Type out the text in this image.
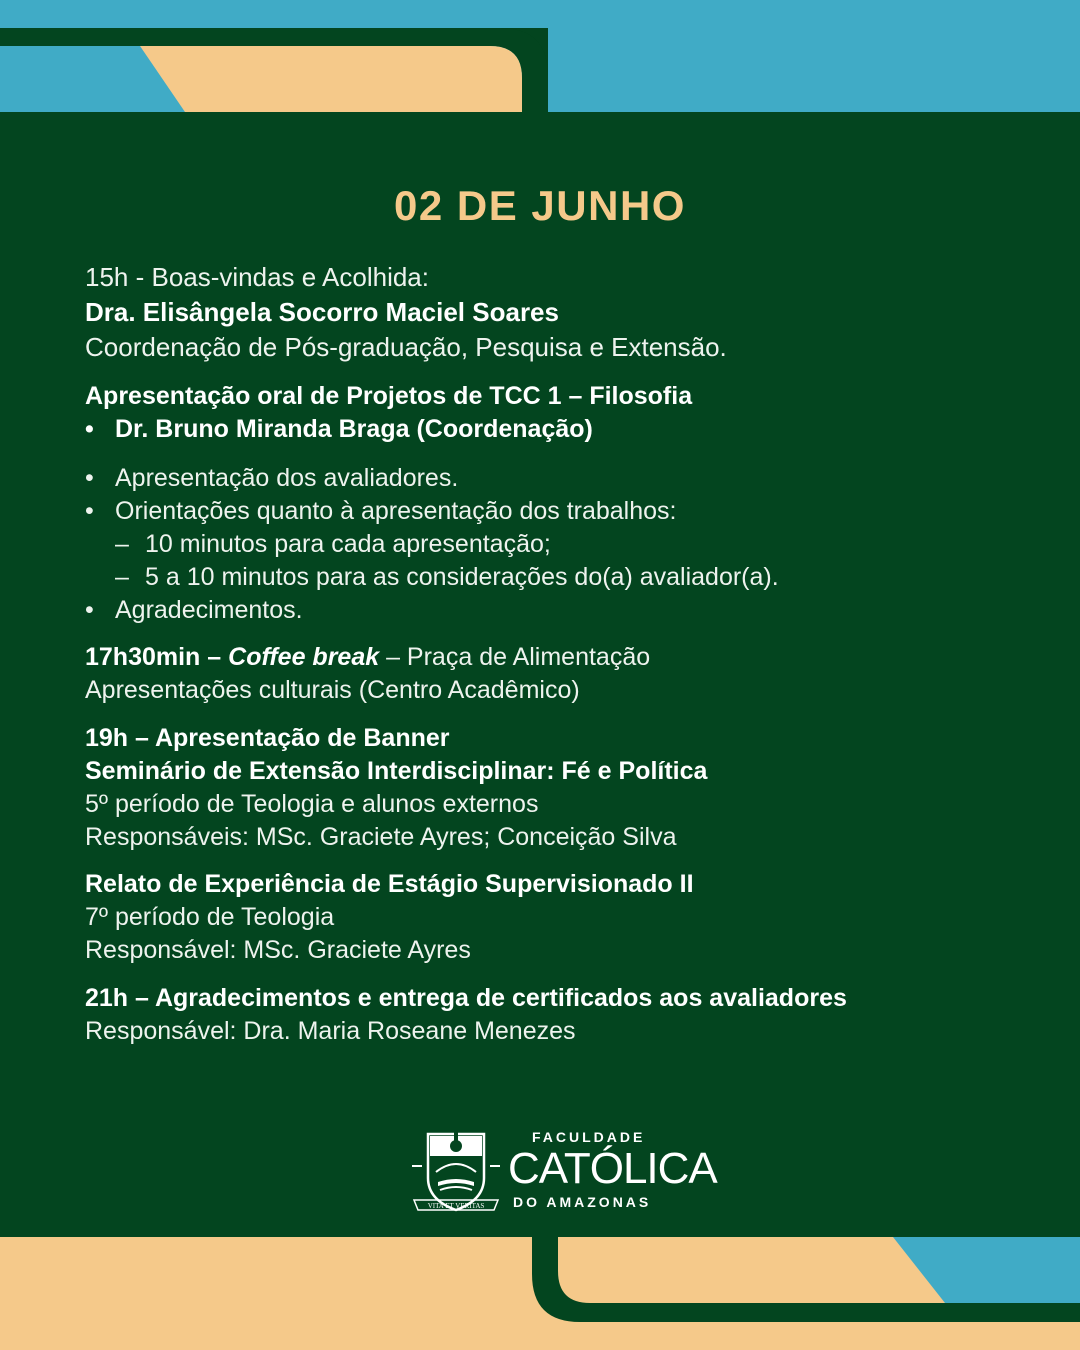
02 DE JUNHO
15h - Boas-vindas e Acolhida:
Dra. Elisângela Socorro Maciel Soares
Coordenação de Pós-graduação, Pesquisa e Extensão.
Apresentação oral de Projetos de TCC 1 – Filosofia
• Dr. Bruno Miranda Braga (Coordenação)
• Apresentação dos avaliadores.
• Orientações quanto à apresentação dos trabalhos:
– 10 minutos para cada apresentação;
– 5 a 10 minutos para as considerações do(a) avaliador(a).
• Agradecimentos.
17h30min – Coffee break – Praça de Alimentação
Apresentações culturais (Centro Acadêmico)
19h – Apresentação de Banner
Seminário de Extensão Interdisciplinar: Fé e Política
5º período de Teologia e alunos externos
Responsáveis: MSc. Graciete Ayres; Conceição Silva
Relato de Experiência de Estágio Supervisionado II
7º período de Teologia
Responsável: MSc. Graciete Ayres
21h – Agradecimentos e entrega de certificados aos avaliadores
Responsável: Dra. Maria Roseane Menezes
VITA ET VERITAS
FACULDADE
CATÓLICA
DO AMAZONAS
